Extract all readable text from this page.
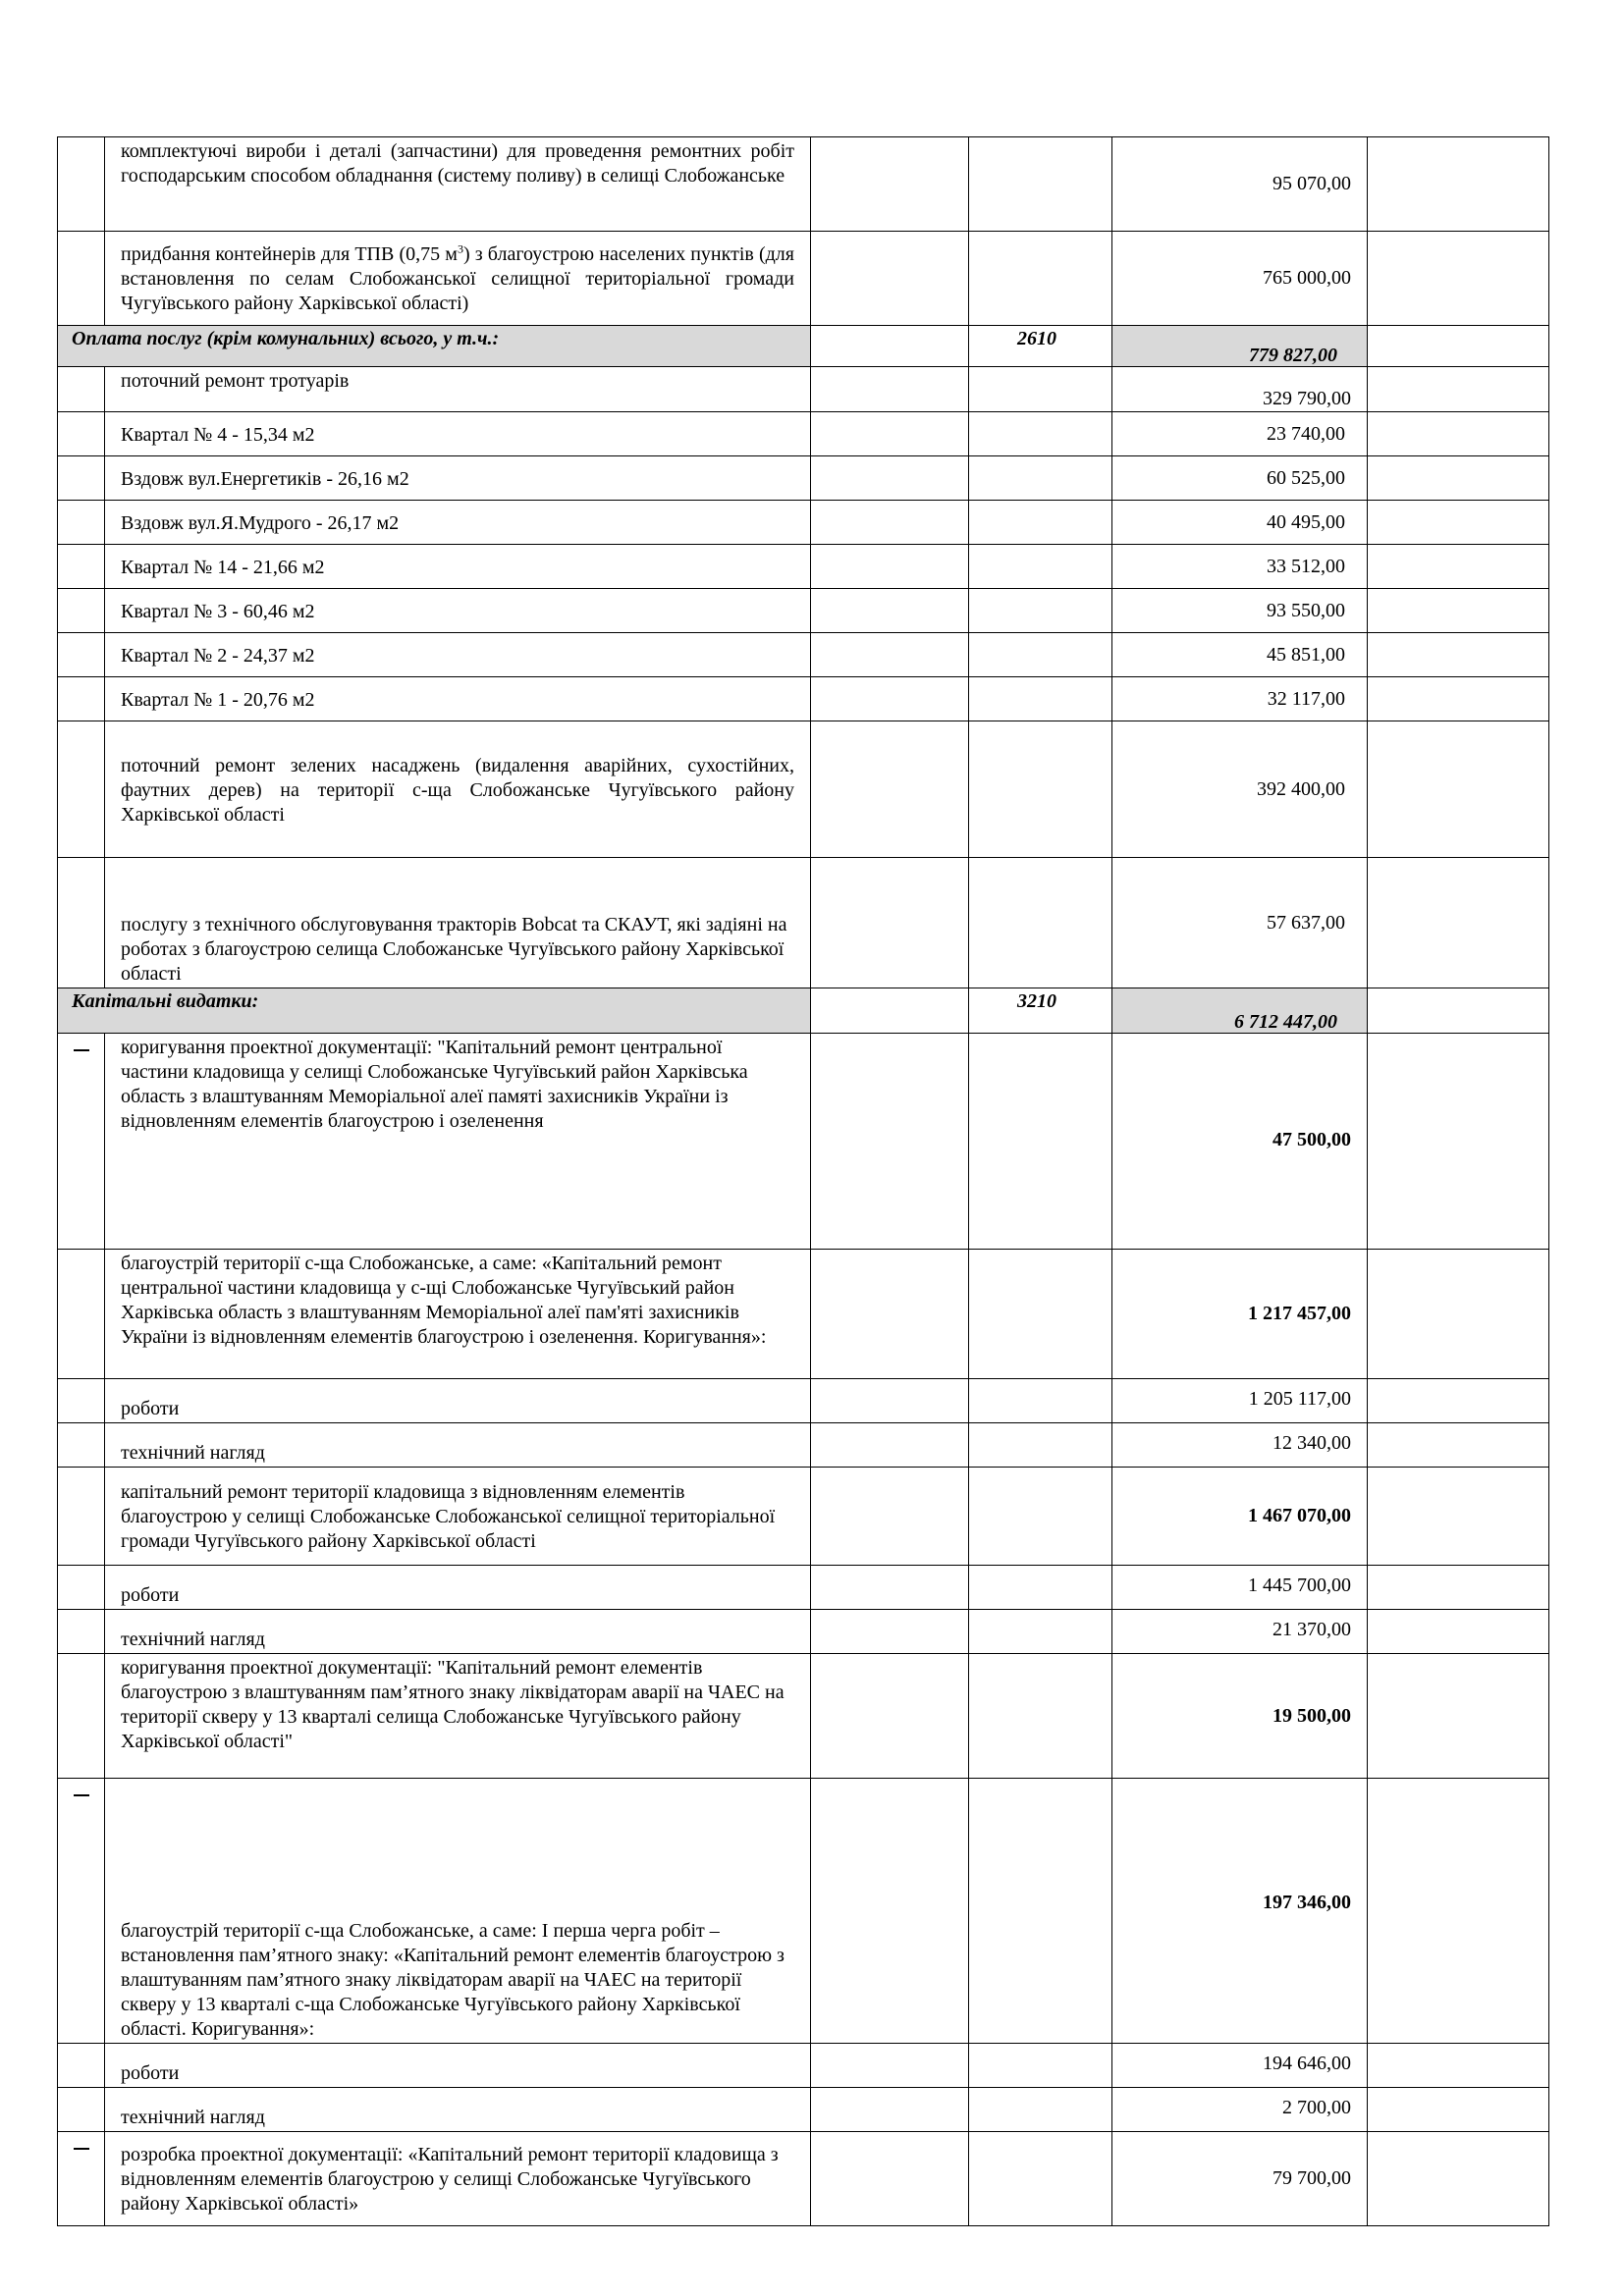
	комплектуючі вироби і деталі (запчастини) для проведення ремонтних робіт господарським способом обладнання (систему поливу) в селищі Слобожанське			95 070,00	
	придбання контейнерів для ТПВ (0,75 $м^3$) з благоустрою населених пунктів (для встановлення по селам Слобожанської селищної територіальної громади Чугуївського району Харківської області)			765 000,00	
Оплата послуг (крім комунальних) всього, у т.ч.:			2610	779 827,00	
	поточний ремонт тротуарів			329 790,00	
	Квартал № 4 - 15,34 м2			23 740,00	
	Вздовж вул.Енергетиків - 26,16 м2			60 525,00	
	Вздовж вул.Я.Мудрого - 26,17 м2			40 495,00	
	Квартал № 14 - 21,66 м2			33 512,00	
	Квартал № 3 - 60,46 м2			93 550,00	
	Квартал № 2 - 24,37 м2			45 851,00	
	Квартал № 1 - 20,76 м2			32 117,00	
	поточний ремонт зелених насаджень (видалення аварійних, сухостійних, фаутних дерев) на території с-ща Слобожанське Чугуївського району Харківської області			392 400,00	
	послугу з технічного обслуговування тракторів Bobcat та СКАУТ, які задіяні на роботах з благоустрою селища Слобожанське Чугуївського району Харківської області			57 637,00	
Капітальні видатки:			3210	6 712 447,00	
	коригування проектної документації: "Капітальний ремонт центральної частини кладовища у селищі Слобожанське Чугуївський район Харківська область з влаштуванням Меморіальної алеї памяті захисників України із відновленням елементів благоустрою і озеленення			47 500,00	
	благоустрій території с-ща Слобожанське, а саме: «Капітальний ремонт центральної частини кладовища у с-щі Слобожанське Чугуївський район Харківська область з влаштуванням Меморіальної алеї пам'яті захисників України із відновленням елементів благоустрою і озеленення. Коригування»:			1 217 457,00	
	роботи			1 205 117,00	
	технічний нагляд			12 340,00	
	капітальний ремонт території кладовища з відновленням елементів благоустрою у селищі Слобожанське Слобожанської селищної територіальної громади Чугуївського району Харківської області			1 467 070,00	
	роботи			1 445 700,00	
	технічний нагляд			21 370,00	
	коригування проектної документації: "Капітальний ремонт елементів благоустрою з влаштуванням пам’ятного знаку ліквідаторам аварії на ЧАЕС на території скверу у 13 кварталі селища Слобожанське Чугуївського району Харківської області"			19 500,00	
	благоустрій території с-ща Слобожанське, а саме: І перша черга робіт – встановлення пам’ятного знаку: «Капітальний ремонт елементів благоустрою з влаштуванням пам’ятного знаку ліквідаторам аварії на ЧАЕС на території скверу у 13 кварталі с-ща Слобожанське Чугуївського району Харківської області. Коригування»:			197 346,00	
	роботи			194 646,00	
	технічний нагляд			2 700,00	
	розробка проектної документації: «Капітальний ремонт території кладовища з відновленням елементів благоустрою у селищі Слобожанське Чугуївського району Харківської області»			79 700,00	
